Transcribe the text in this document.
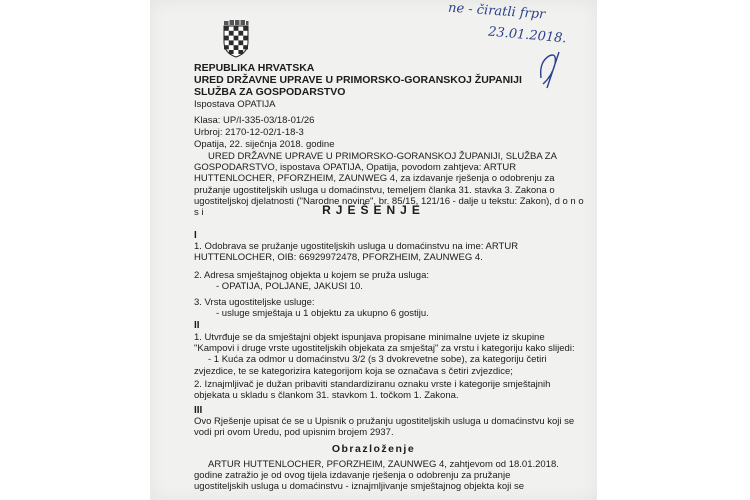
REPUBLIKA HRVATSKA
URED DRŽAVNE UPRAVE U PRIMORSKO-GORANSKOJ ŽUPANIJI
SLUŽBA ZA GOSPODARSTVO
Ispostava OPATIJA
Klasa: UP/I-335-03/18-01/26
Urbroj: 2170-12-02/1-18-3
Opatija, 22. siječnja 2018. godine
URED DRŽAVNE UPRAVE U PRIMORSKO-GORANSKOJ ŽUPANIJI, SLUŽBA ZA
GOSPODARSTVO, ispostava OPATIJA, Opatija, povodom zahtjeva: ARTUR
HUTTENLOCHER, PFORZHEIM, ZAUNWEG 4, za izdavanje rješenja o odobrenju za
pružanje ugostiteljskih usluga u domaćinstvu, temeljem članka 31. stavka 3. Zakona o
ugostiteljskoj djelatnosti ("Narodne novine", br. 85/15, 121/16 - dalje u tekstu: Zakon), d o n o
s i	RJEŠENJE
I
1. Odobrava se pružanje ugostiteljskih usluga u domaćinstvu na ime: ARTUR
HUTTENLOCHER, OIB: 66929972478, PFORZHEIM, ZAUNWEG 4.
2. Adresa smještajnog objekta u kojem se pruža usluga:
- OPATIJA, POLJANE, JAKUSI 10.
3. Vrsta ugostiteljske usluge:
- usluge smještaja u 1 objektu za ukupno 6 gostiju.
II
1. Utvrđuje se da smještajni objekt ispunjava propisane minimalne uvjete iz skupine
"Kampovi i druge vrste ugostiteljskih objekata za smještaj" za vrstu i kategoriju kako slijedi:
- 1 Kuća za odmor u domaćinstvu 3/2 (s 3 dvokrevetne sobe), za kategoriju četiri
zvjezdice, te se kategorizira kategorijom koja se označava s četiri zvjezdice;
2. Iznajmljivač je dužan pribaviti standardiziranu oznaku vrste i kategorije smještajnih
objekata u skladu s člankom 31. stavkom 1. točkom 1. Zakona.
III
Ovo Rješenje upisat će se u Upisnik o pružanju ugostiteljskih usluga u domaćinstvu koji se
vodi pri ovom Uredu, pod upisnim brojem 2937.
Obrazloženje
ARTUR HUTTENLOCHER, PFORZHEIM, ZAUNWEG 4, zahtjevom od 18.01.2018.
godine zatražio je od ovog tijela izdavanje rješenja o odobrenju za pružanje
ugostiteljskih usluga u domaćinstvu - iznajmljivanje smještajnog objekta koji se
ne - čiratli frpr
23.01.2018.
